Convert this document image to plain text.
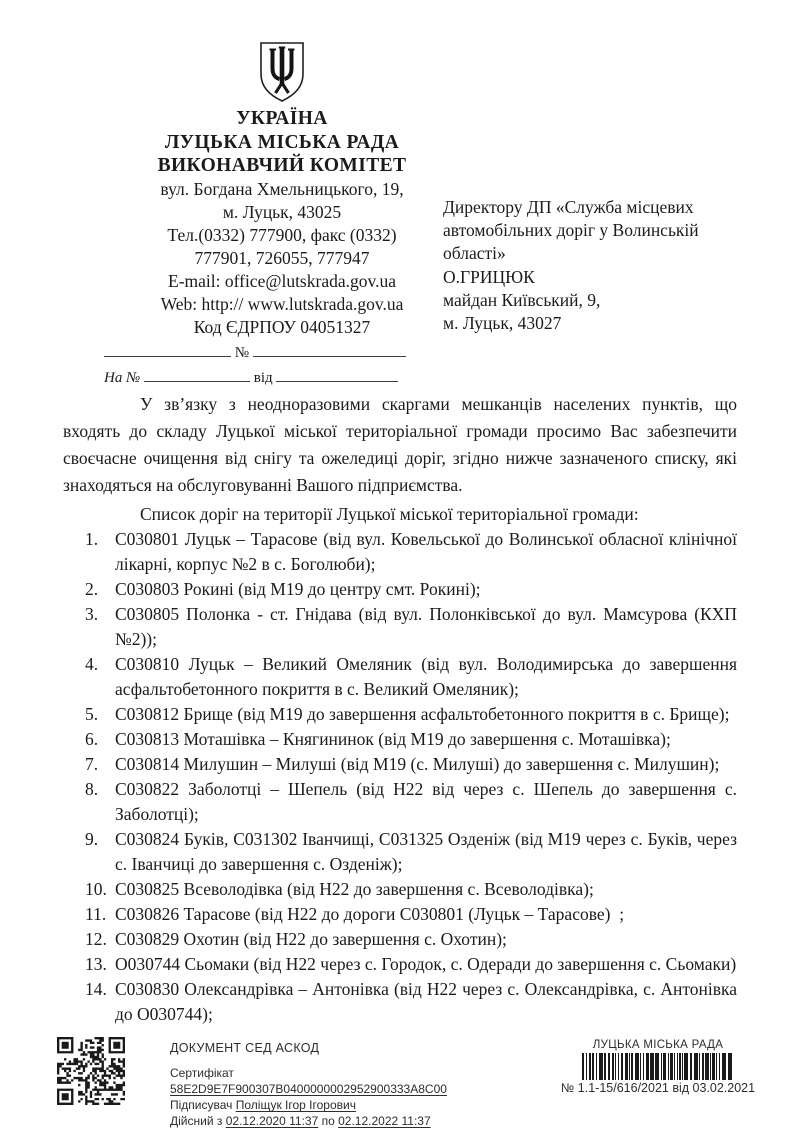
УКРАЇНА
ЛУЦЬКА МІСЬКА РАДА
ВИКОНАВЧИЙ КОМІТЕТ
вул. Богдана Хмельницького, 19,
м. Луцьк, 43025
Тел.(0332) 777900, факс (0332)
777901, 726055, 777947
E-mail: office@lutskrada.gov.ua
Web: http:// www.lutskrada.gov.ua
Код ЄДРПОУ 04051327
№
На №	від
Директору ДП «Служба місцевих
автомобільних доріг у Волинській
області»
О.ГРИЦЮК
майдан Київський, 9,
м. Луцьк, 43027

У зв’язку з неодноразовими скаргами мешканців населених пунктів, що входять до складу Луцької міської територіальної громади просимо Вас забезпечити своєчасне очищення від снігу та ожеледиці доріг, згідно нижче зазначеного списку, які знаходяться на обслуговуванні Вашого підприємства.

Список доріг на території Луцької міської територіальної громади:

1. С030801 Луцьк – Тарасове (від вул. Ковельської до Волинської обласної клінічної лікарні, корпус №2 в с. Боголюби);
2. С030803 Рокині (від М19 до центру смт. Рокині);
3. С030805 Полонка - ст. Гнідава (від вул. Полонківської до вул. Мамсурова (КХП №2));
4. С030810 Луцьк – Великий Омеляник (від вул. Володимирська до завершення асфальтобетонного покриття в с. Великий Омеляник);
5. С030812 Брище (від М19 до завершення асфальтобетонного покриття в с. Брище);
6. С030813 Моташівка – Княгининок (від М19 до завершення с. Моташівка);
7. С030814 Милушин – Милуші (від М19 (с. Милуші) до завершення с. Милушин);
8. С030822 Заболотці – Шепель (від Н22 від через с. Шепель до завершення с. Заболотці);
9. С030824 Буків, С031302 Іванчищі, С031325 Озденіж (від М19 через с. Буків, через с. Іванчиці до завершення с. Озденіж);
10. С030825 Всеволодівка (від Н22 до завершення с. Всеволодівка);
11. С030826 Тарасове (від Н22 до дороги С030801 (Луцьк – Тарасове)  ;
12. С030829 Охотин (від Н22 до завершення с. Охотин);
13. О030744 Сьомаки (від Н22 через с. Городок, с. Одеради до завершення с. Сьомаки)
14. С030830 Олександрівка – Антонівка (від Н22 через с. Олександрівка, с. Антонівка до О030744);
ДОКУМЕНТ СЕД АСКОД
Сертифікат
58E2D9E7F900307B0400000002952900333A8C00
Підписувач Поліщук Ігор Ігорович
Дійсний з 02.12.2020 11:37 по 02.12.2022 11:37
ЛУЦЬКА МІСЬКА РАДА
№ 1.1-15/616/2021 від 03.02.2021
